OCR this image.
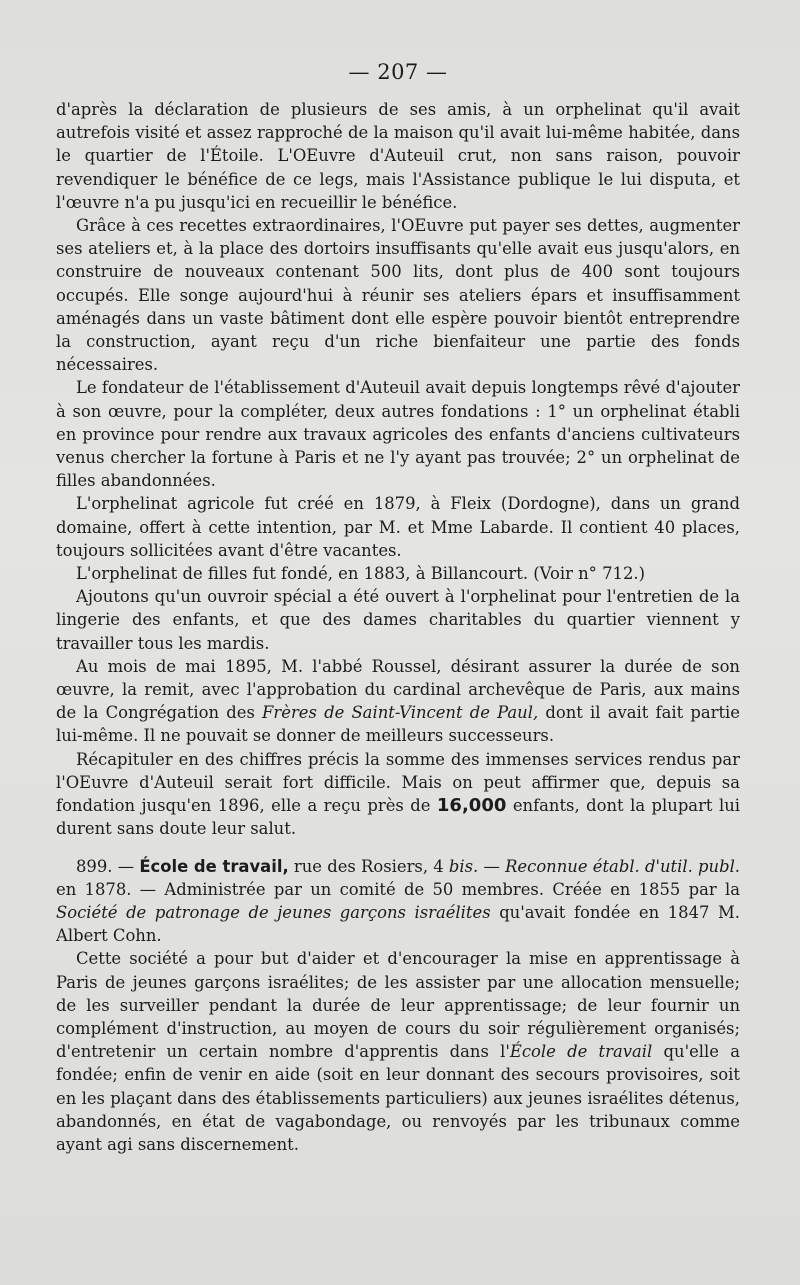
— 207 —

d'après la déclaration de plusieurs de ses amis, à un orphelinat qu'il avait autrefois visité et assez rapproché de la maison qu'il avait lui-même habitée, dans le quartier de l'Étoile. L'OEuvre d'Auteuil crut, non sans raison, pouvoir revendiquer le bénéfice de ce legs, mais l'Assistance publique le lui disputa, et l'œuvre n'a pu jusqu'ici en recueillir le bénéfice.

Grâce à ces recettes extraordinaires, l'OEuvre put payer ses dettes, augmenter ses ateliers et, à la place des dortoirs insuffisants qu'elle avait eus jusqu'alors, en construire de nouveaux contenant 500 lits, dont plus de 400 sont toujours occupés. Elle songe aujourd'hui à réunir ses ateliers épars et insuffisamment aménagés dans un vaste bâtiment dont elle espère pouvoir bientôt entreprendre la construction, ayant reçu d'un riche bienfaiteur une partie des fonds nécessaires.

Le fondateur de l'établissement d'Auteuil avait depuis longtemps rêvé d'ajouter à son œuvre, pour la compléter, deux autres fondations : 1° un orphelinat établi en province pour rendre aux travaux agricoles des enfants d'anciens cultivateurs venus chercher la fortune à Paris et ne l'y ayant pas trouvée; 2° un orphelinat de filles abandonnées.

L'orphelinat agricole fut créé en 1879, à Fleix (Dordogne), dans un grand domaine, offert à cette intention, par M. et Mme Labarde. Il contient 40 places, toujours sollicitées avant d'être vacantes.

L'orphelinat de filles fut fondé, en 1883, à Billancourt. (Voir n° 712.)

Ajoutons qu'un ouvroir spécial a été ouvert à l'orphelinat pour l'entretien de la lingerie des enfants, et que des dames charitables du quartier viennent y travailler tous les mardis.

Au mois de mai 1895, M. l'abbé Roussel, désirant assurer la durée de son œuvre, la remit, avec l'approbation du cardinal archevêque de Paris, aux mains de la Congrégation des Frères de Saint-Vincent de Paul, dont il avait fait partie lui-même. Il ne pouvait se donner de meilleurs successeurs.

Récapituler en des chiffres précis la somme des immenses services rendus par l'OEuvre d'Auteuil serait fort difficile. Mais on peut affirmer que, depuis sa fondation jusqu'en 1896, elle a reçu près de 16,000 enfants, dont la plupart lui durent sans doute leur salut.

899. — École de travail, rue des Rosiers, 4 bis. — Reconnue établ. d'util. publ. en 1878. — Administrée par un comité de 50 membres. Créée en 1855 par la Société de patronage de jeunes garçons israélites qu'avait fondée en 1847 M. Albert Cohn.

Cette société a pour but d'aider et d'encourager la mise en apprentissage à Paris de jeunes garçons israélites; de les assister par une allocation mensuelle; de les surveiller pendant la durée de leur apprentissage; de leur fournir un complément d'instruction, au moyen de cours du soir régulièrement organisés; d'entretenir un certain nombre d'apprentis dans l'École de travail qu'elle a fondée; enfin de venir en aide (soit en leur donnant des secours provisoires, soit en les plaçant dans des établissements particuliers) aux jeunes israélites détenus, abandonnés, en état de vagabondage, ou renvoyés par les tribunaux comme ayant agi sans discernement.
